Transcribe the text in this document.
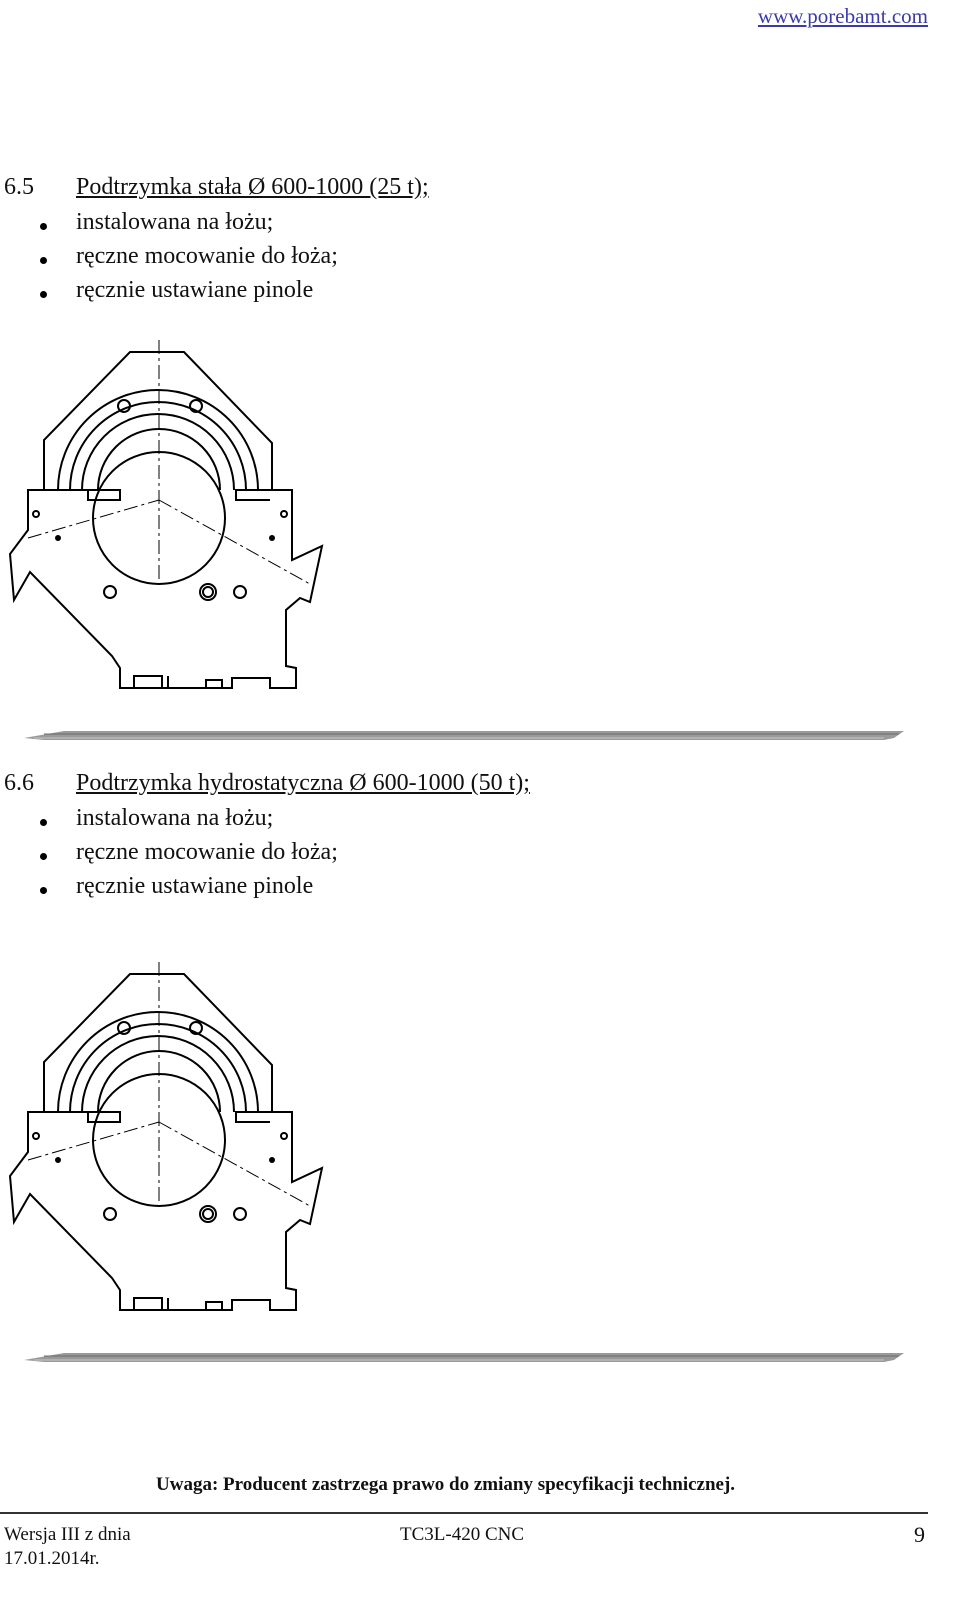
www.porebamt.com
6.5 Podtrzymka stała Ø 600-1000 (25 t);
instalowana na łożu;
ręczne mocowanie do łoża;
ręcznie ustawiane pinole
6.6 Podtrzymka hydrostatyczna Ø 600-1000 (50 t);
instalowana na łożu;
ręczne mocowanie do łoża;
ręcznie ustawiane pinole
Uwaga: Producent zastrzega prawo do zmiany specyfikacji technicznej.
Wersja III z dnia
17.01.2014r.
TC3L-420 CNC	9
